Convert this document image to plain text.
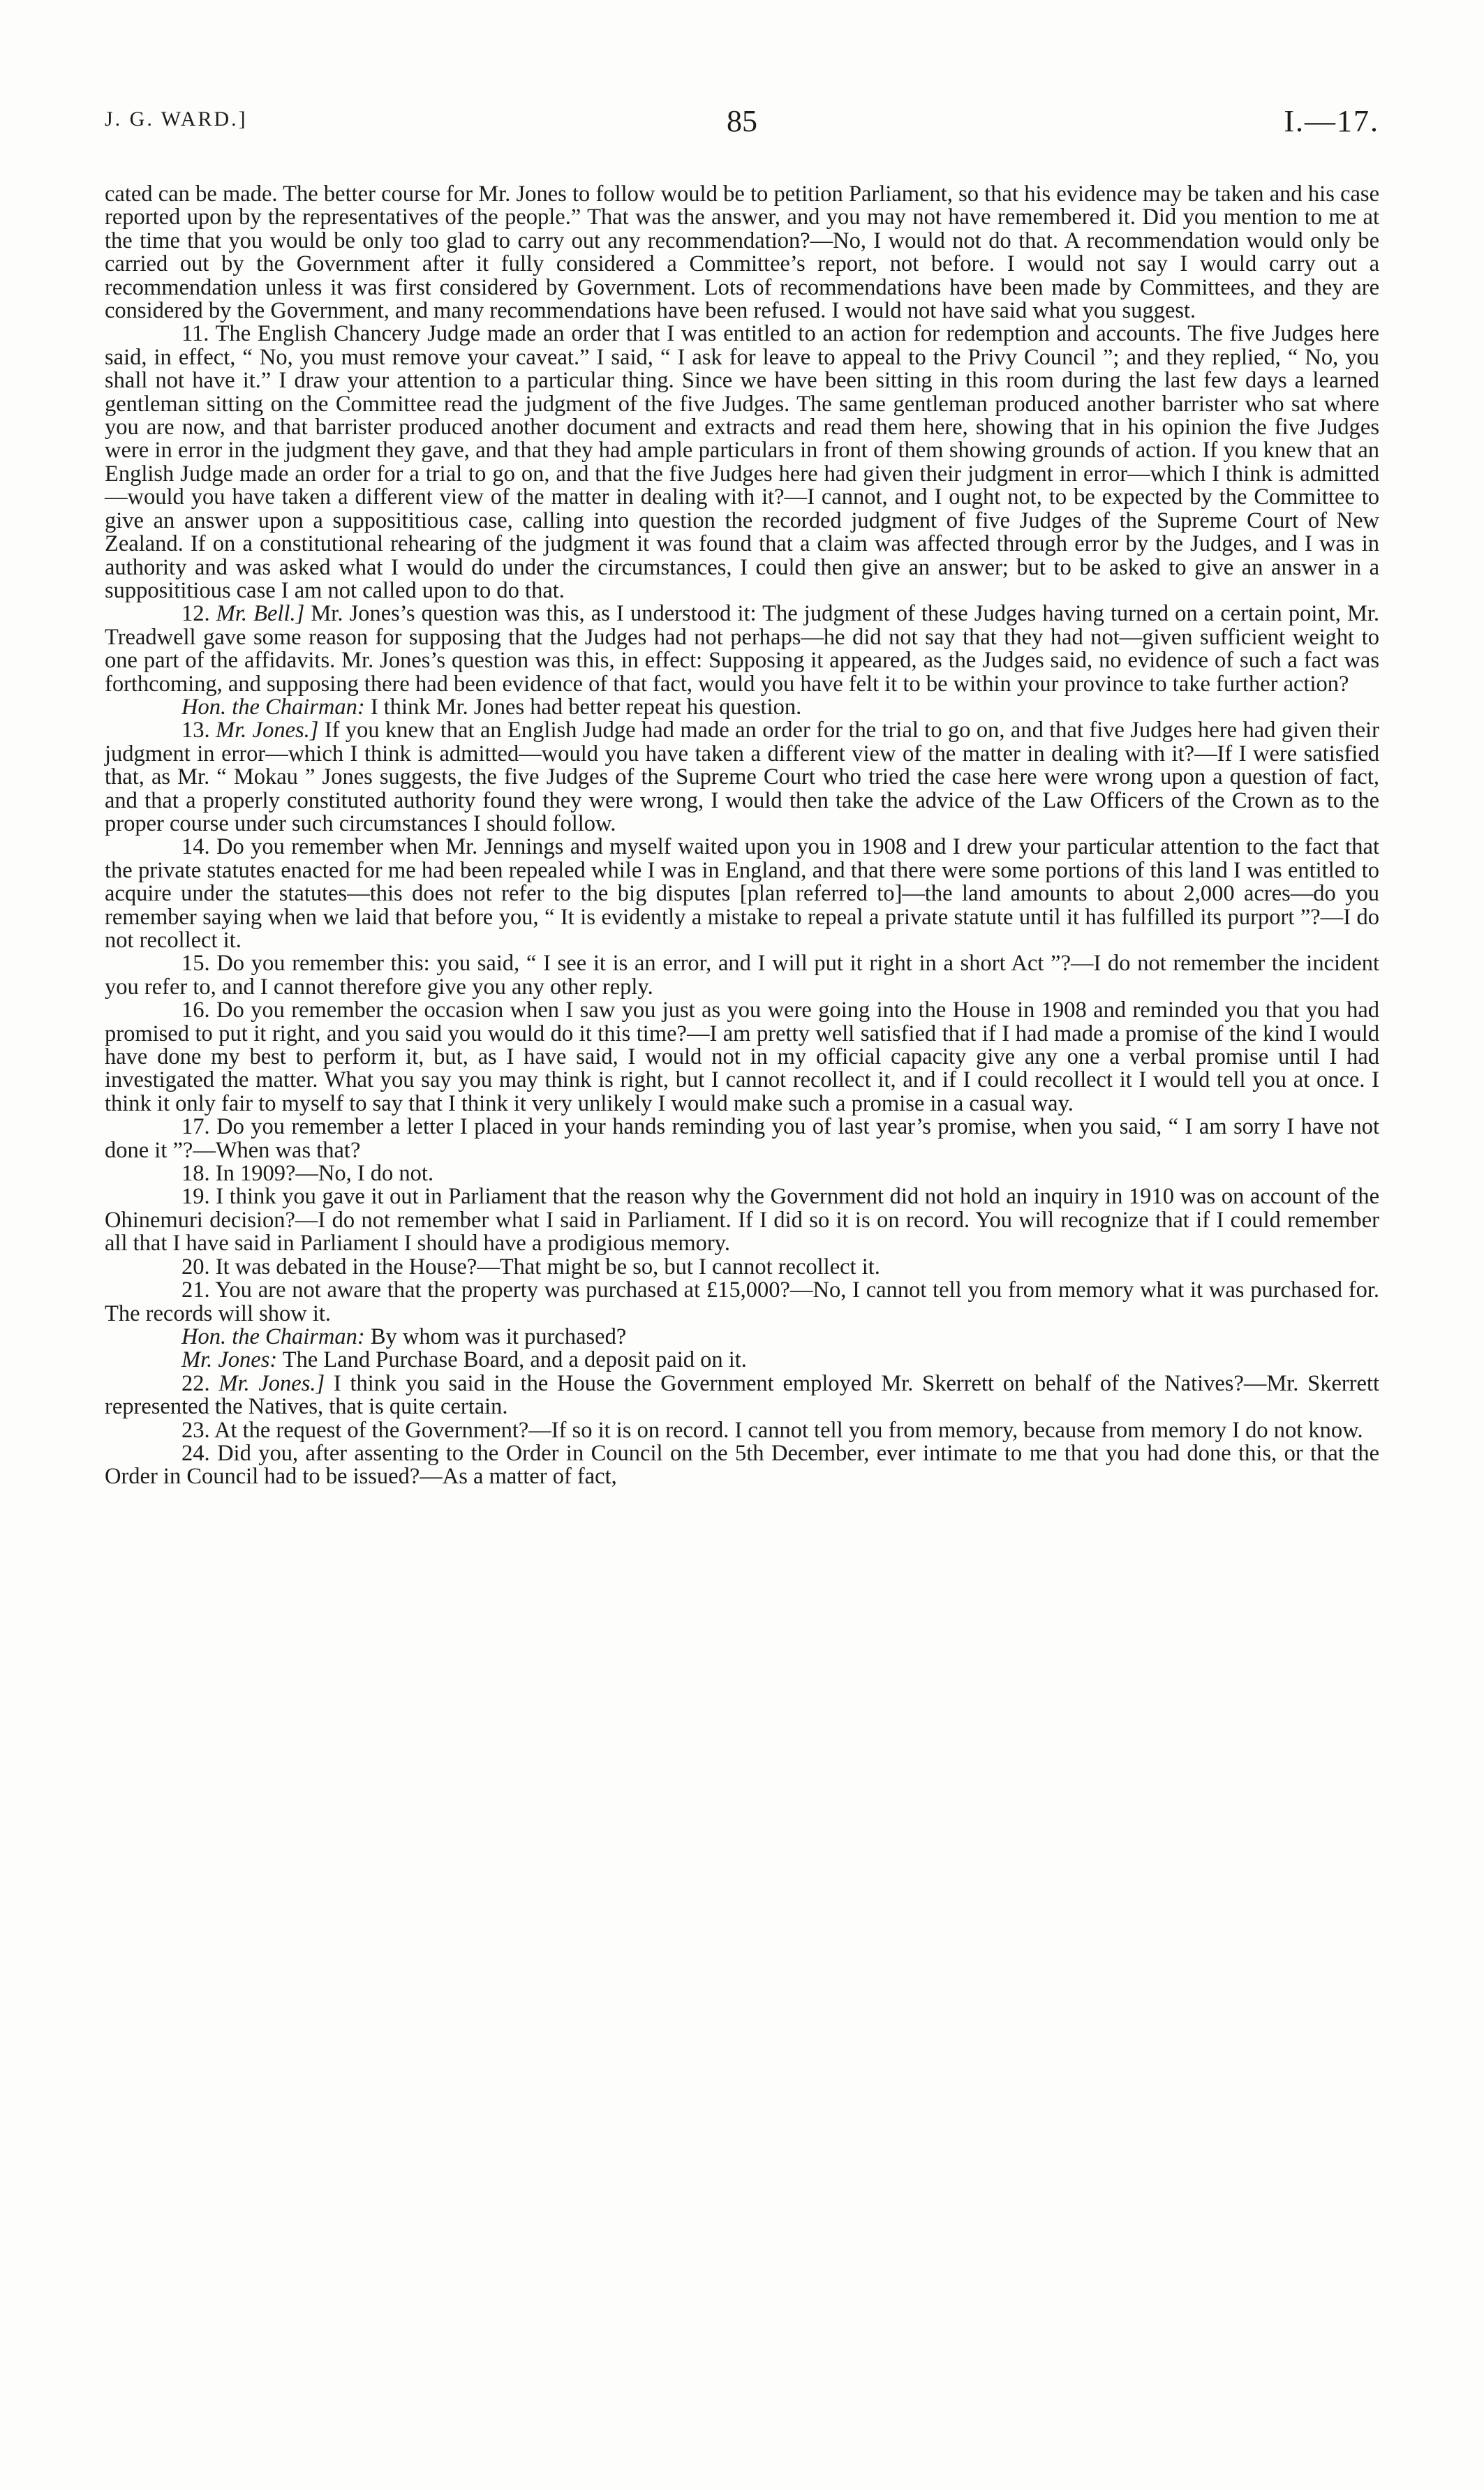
J. G. WARD.]	85	I.—17.

cated can be made. The better course for Mr. Jones to follow would be to petition Parliament, so that his evidence may be taken and his case reported upon by the representatives of the people.” That was the answer, and you may not have remembered it. Did you mention to me at the time that you would be only too glad to carry out any recommendation?—No, I would not do that. A recommendation would only be carried out by the Government after it fully considered a Committee’s report, not before. I would not say I would carry out a recommendation unless it was first considered by Government. Lots of recommendations have been made by Committees, and they are considered by the Government, and many recommendations have been refused. I would not have said what you suggest.

11. The English Chancery Judge made an order that I was entitled to an action for redemption and accounts. The five Judges here said, in effect, “ No, you must remove your caveat.” I said, “ I ask for leave to appeal to the Privy Council ”; and they replied, “ No, you shall not have it.” I draw your attention to a particular thing. Since we have been sitting in this room during the last few days a learned gentleman sitting on the Committee read the judgment of the five Judges. The same gentleman produced another barrister who sat where you are now, and that barrister produced another document and extracts and read them here, showing that in his opinion the five Judges were in error in the judgment they gave, and that they had ample particulars in front of them showing grounds of action. If you knew that an English Judge made an order for a trial to go on, and that the five Judges here had given their judgment in error—which I think is admitted—would you have taken a different view of the matter in dealing with it?—I cannot, and I ought not, to be expected by the Committee to give an answer upon a supposititious case, calling into question the recorded judgment of five Judges of the Supreme Court of New Zealand. If on a constitutional rehearing of the judgment it was found that a claim was affected through error by the Judges, and I was in authority and was asked what I would do under the circumstances, I could then give an answer; but to be asked to give an answer in a supposititious case I am not called upon to do that.

12. Mr. Bell.] Mr. Jones’s question was this, as I understood it: The judgment of these Judges having turned on a certain point, Mr. Treadwell gave some reason for supposing that the Judges had not perhaps—he did not say that they had not—given sufficient weight to one part of the affidavits. Mr. Jones’s question was this, in effect: Supposing it appeared, as the Judges said, no evidence of such a fact was forthcoming, and supposing there had been evidence of that fact, would you have felt it to be within your province to take further action?

Hon. the Chairman: I think Mr. Jones had better repeat his question.

13. Mr. Jones.] If you knew that an English Judge had made an order for the trial to go on, and that five Judges here had given their judgment in error—which I think is admitted—would you have taken a different view of the matter in dealing with it?—If I were satisfied that, as Mr. “ Mokau ” Jones suggests, the five Judges of the Supreme Court who tried the case here were wrong upon a question of fact, and that a properly constituted authority found they were wrong, I would then take the advice of the Law Officers of the Crown as to the proper course under such circumstances I should follow.

14. Do you remember when Mr. Jennings and myself waited upon you in 1908 and I drew your particular attention to the fact that the private statutes enacted for me had been repealed while I was in England, and that there were some portions of this land I was entitled to acquire under the statutes—this does not refer to the big disputes [plan referred to]—the land amounts to about 2,000 acres—do you remember saying when we laid that before you, “ It is evidently a mistake to repeal a private statute until it has fulfilled its purport ”?—I do not recollect it.

15. Do you remember this: you said, “ I see it is an error, and I will put it right in a short Act ”?—I do not remember the incident you refer to, and I cannot therefore give you any other reply.

16. Do you remember the occasion when I saw you just as you were going into the House in 1908 and reminded you that you had promised to put it right, and you said you would do it this time?—I am pretty well satisfied that if I had made a promise of the kind I would have done my best to perform it, but, as I have said, I would not in my official capacity give any one a verbal promise until I had investigated the matter. What you say you may think is right, but I cannot recollect it, and if I could recollect it I would tell you at once. I think it only fair to myself to say that I think it very unlikely I would make such a promise in a casual way.

17. Do you remember a letter I placed in your hands reminding you of last year’s promise, when you said, “ I am sorry I have not done it ”?—When was that?

18. In 1909?—No, I do not.

19. I think you gave it out in Parliament that the reason why the Government did not hold an inquiry in 1910 was on account of the Ohinemuri decision?—I do not remember what I said in Parliament. If I did so it is on record. You will recognize that if I could remember all that I have said in Parliament I should have a prodigious memory.

20. It was debated in the House?—That might be so, but I cannot recollect it.

21. You are not aware that the property was purchased at £15,000?—No, I cannot tell you from memory what it was purchased for. The records will show it.

Hon. the Chairman: By whom was it purchased?

Mr. Jones: The Land Purchase Board, and a deposit paid on it.

22. Mr. Jones.] I think you said in the House the Government employed Mr. Skerrett on behalf of the Natives?—Mr. Skerrett represented the Natives, that is quite certain.

23. At the request of the Government?—If so it is on record. I cannot tell you from memory, because from memory I do not know.

24. Did you, after assenting to the Order in Council on the 5th December, ever intimate to me that you had done this, or that the Order in Council had to be issued?—As a matter of fact,
